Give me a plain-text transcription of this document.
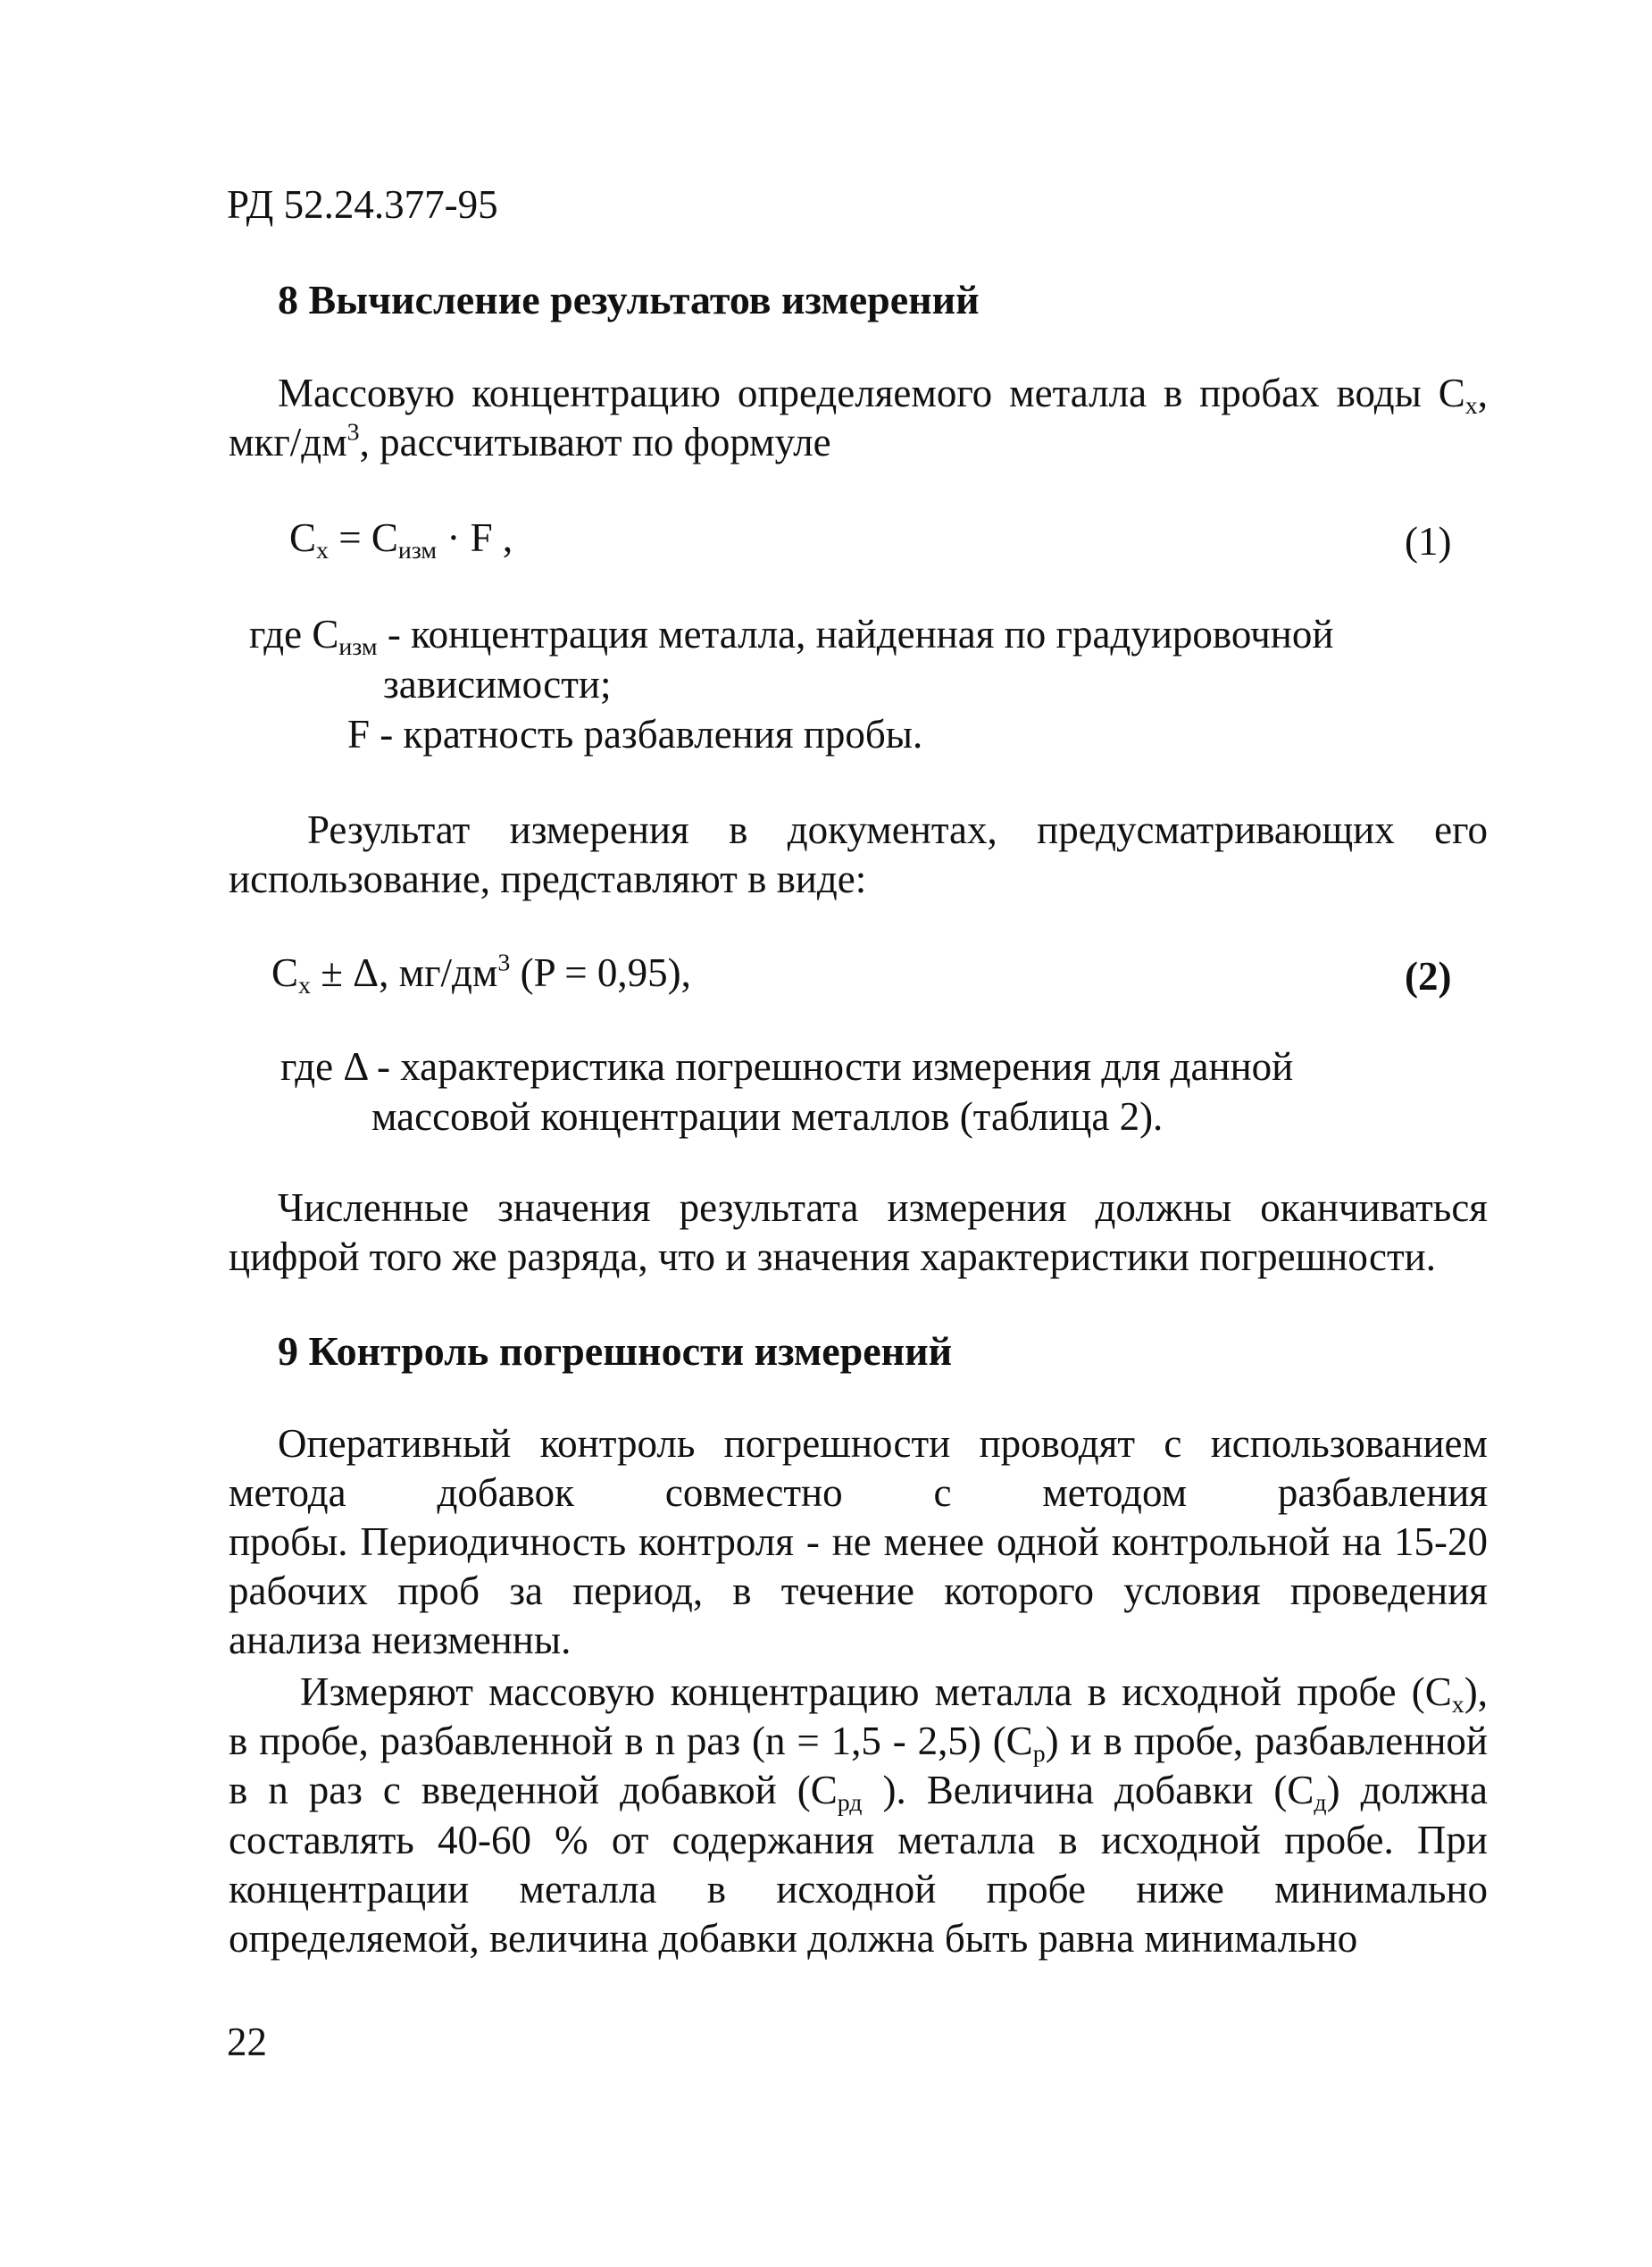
РД 52.24.377-95
8 Вычисление результатов измерений
Массовую концентрацию определяемого металла в пробах воды $C_x$,
мкг/$дм^3$, рассчитывают по формуле
$C_x = C_{изм} \cdot F$ ,	(1)
где $C_{изм}$ - концентрация металла, найденная по градуировочной
зависимости;
F - кратность разбавления пробы.
Результат измерения в документах, предусматривающих его
использование, представляют в виде:
$C_x \pm \Delta$, $мг/дм^3$ (P = 0,95),	(2)
где Δ - характеристика погрешности измерения для данной
массовой концентрации металлов (таблица 2).
Численные значения результата измерения должны оканчиваться
цифрой того же разряда, что и значения характеристики погрешности.
9 Контроль погрешности измерений
Оперативный контроль погрешности проводят с использованием
метода добавок совместно с методом разбавления
пробы. Периодичность контроля - не менее одной контрольной на 15-20
рабочих проб за период, в течение которого условия проведения
анализа неизменны.
Измеряют массовую концентрацию металла в исходной пробе $(C_x)$,
в пробе, разбавленной в n раз (n = 1,5 - 2,5) $(C_р)$ и в пробе, разбавленной
в n раз с введенной добавкой ($C_{рд}$ ). Величина добавки $(C_д)$ должна
составлять 40-60 % от содержания металла в исходной пробе. При
концентрации металла в исходной пробе ниже минимально
определяемой, величина добавки должна быть равна минимально
22
